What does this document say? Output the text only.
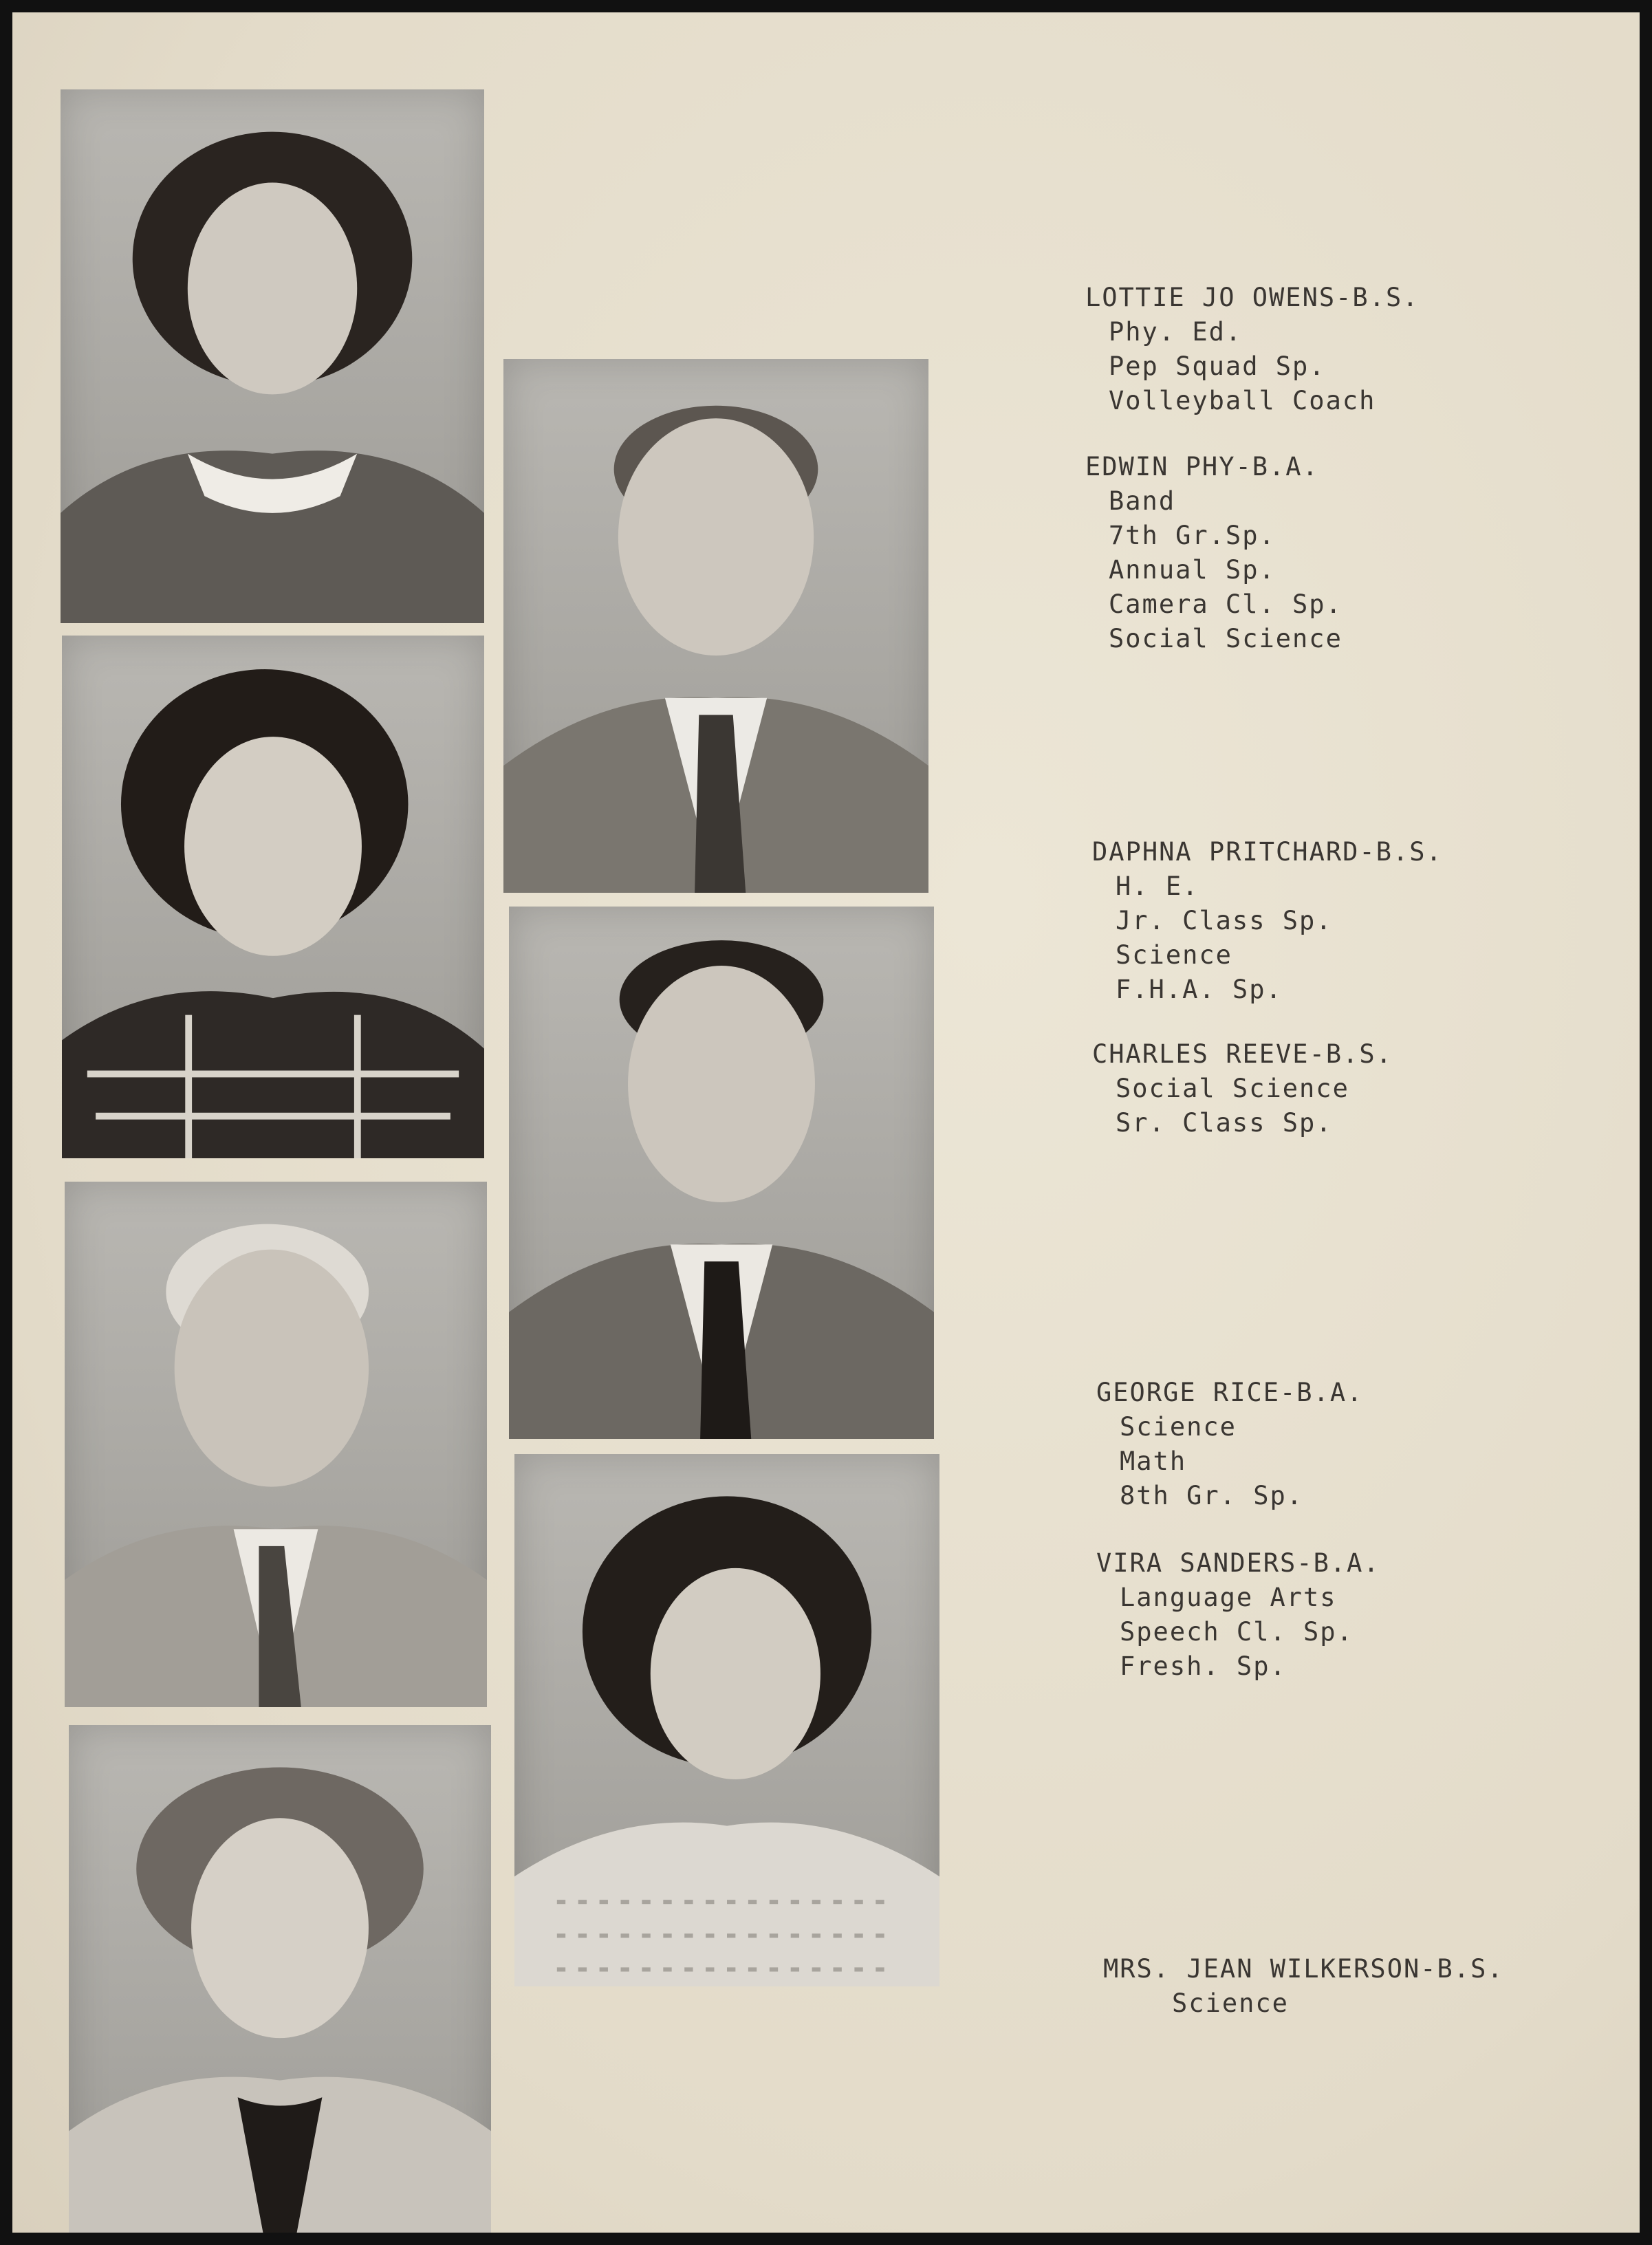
LOTTIE JO OWENS-B.S.
Phy. Ed.
Pep Squad Sp.
Volleyball Coach
EDWIN PHY-B.A.
Band
7th Gr.Sp.
Annual Sp.
Camera Cl. Sp.
Social Science
DAPHNA PRITCHARD-B.S.
H. E.
Jr. Class Sp.
Science
F.H.A. Sp.
CHARLES REEVE-B.S.
Social Science
Sr. Class Sp.
GEORGE RICE-B.A.
Science
Math
8th Gr. Sp.
VIRA SANDERS-B.A.
Language Arts
Speech Cl. Sp.
Fresh. Sp.
MRS. JEAN WILKERSON-B.S.
Science
